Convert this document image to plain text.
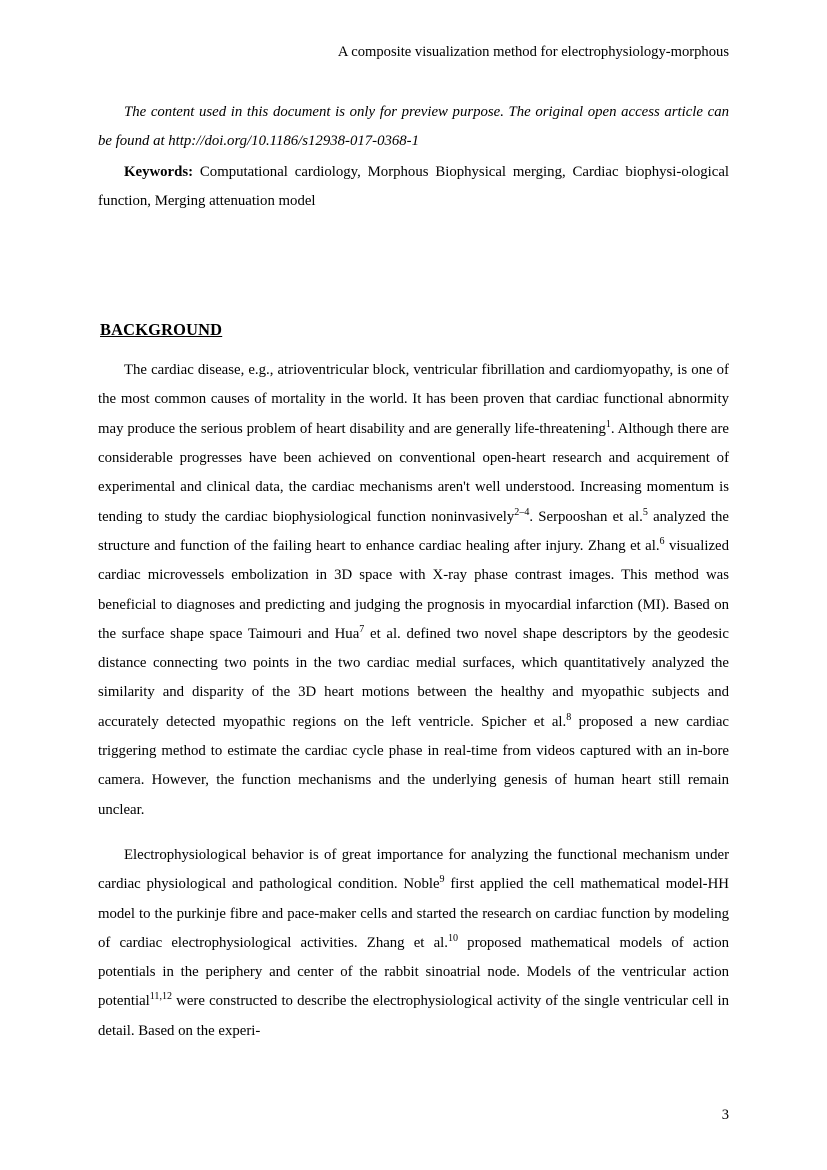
A composite visualization method for electrophysiology-morphous

The content used in this document is only for preview purpose. The original open access article can be found at http://doi.org/10.1186/s12938-017-0368-1

Keywords: Computational cardiology, Morphous Biophysical merging, Cardiac biophysi-ological function, Merging attenuation model

BACKGROUND

The cardiac disease, e.g., atrioventricular block, ventricular fibrillation and cardiomyopathy, is one of the most common causes of mortality in the world. It has been proven that cardiac functional abnormity may produce the serious problem of heart disability and are generally life-threatening$^1$. Although there are considerable progresses have been achieved on conventional open-heart research and acquirement of experimental and clinical data, the cardiac mechanisms aren't well understood. Increasing momentum is tending to study the cardiac biophysiological function noninvasively$^{2-4}$. Serpooshan et al.$^5$ analyzed the structure and function of the failing heart to enhance cardiac healing after injury. Zhang et al.$^6$ visualized cardiac microvessels embolization in 3D space with X-ray phase contrast images. This method was beneficial to diagnoses and predicting and judging the prognosis in myocardial infarction (MI). Based on the surface shape space Taimouri and Hua$^7$ et al. defined two novel shape descriptors by the geodesic distance connecting two points in the two cardiac medial surfaces, which quantitatively analyzed the similarity and disparity of the 3D heart motions between the healthy and myopathic subjects and accurately detected myopathic regions on the left ventricle. Spicher et al.$^8$ proposed a new cardiac triggering method to estimate the cardiac cycle phase in real-time from videos captured with an in-bore camera. However, the function mechanisms and the underlying genesis of human heart still remain unclear.

Electrophysiological behavior is of great importance for analyzing the functional mechanism under cardiac physiological and pathological condition. Noble$^9$ first applied the cell mathematical model-HH model to the purkinje fibre and pace-maker cells and started the research on cardiac function by modeling of cardiac electrophysiological activities. Zhang et al.$^{10}$ proposed mathematical models of action potentials in the periphery and center of the rabbit sinoatrial node. Models of the ventricular action potential$^{11,12}$ were constructed to describe the electrophysiological activity of the single ventricular cell in detail. Based on the experi-

3
